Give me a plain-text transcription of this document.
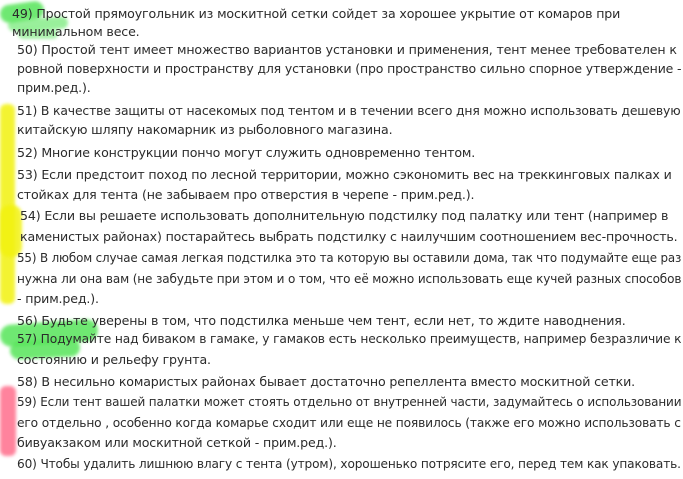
49) Простой прямоугольник из москитной сетки сойдет за хорошее укрытие от комаров при
минимальном весе.
50) Простой тент имеет множество вариантов установки и применения, тент менее требователен к
ровной поверхности и пространству для установки (про пространство сильно спорное утверждение -
прим.ред.).
51) В качестве защиты от насекомых под тентом и в течении всего дня можно использовать дешевую
китайскую шляпу накомарник из рыболовного магазина.
52) Многие конструкции пончо могут служить одновременно тентом.
53) Если предстоит поход по лесной территории, можно сэкономить вес на треккинговых палках и
стойках для тента (не забываем про отверстия в черепе - прим.ред.).
54) Если вы решаете использовать дополнительную подстилку под палатку или тент (например в
каменистых районах) постарайтесь выбрать подстилку с наилучшим соотношением вес-прочность.
55) В любом случае самая легкая подстилка это та которую вы оставили дома, так что подумайте еще раз
нужна ли она вам (не забудьте при этом и о том, что её можно использовать еще кучей разных способов
- прим.ред.).
56) Будьте уверены в том, что подстилка меньше чем тент, если нет, то ждите наводнения.
57) Подумайте над бивaком в гамаке, у гамаков есть несколько преимуществ, например безразличие к
состоянию и рельефу грунта.
58) В несильно комаристых районах бывает достаточно репеллента вместо москитной сетки.
59) Если тент вашей палатки может стоять отдельно от внутренней части, задумайтесь о использовании
его отдельно , особенно когда комарье сходит или еще не появилось (также его можно использовать с
бивуакзаком или москитной сеткой - прим.ред.).
60) Чтобы удалить лишнюю влагу с тента (утром), хорошенько потрясите его, перед тем как упаковать.
